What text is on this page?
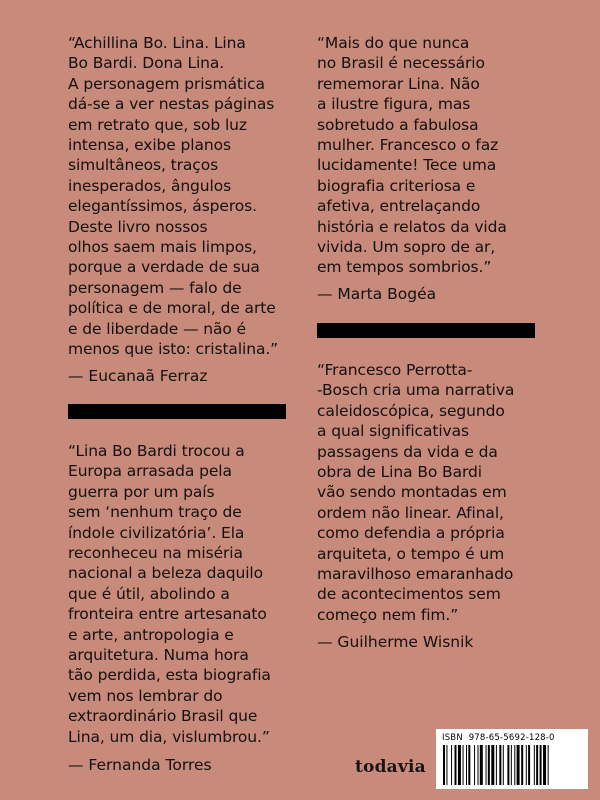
“Achillina Bo. Lina. Lina
Bo Bardi. Dona Lina.
A personagem prismática
dá-se a ver nestas páginas
em retrato que, sob luz
intensa, exibe planos
simultâneos, traços
inesperados, ângulos
elegantíssimos, ásperos.
Deste livro nossos
olhos saem mais limpos,
porque a verdade de sua
personagem — falo de
política e de moral, de arte
e de liberdade — não é
menos que isto: cristalina.”

— Eucanaã Ferraz

“Lina Bo Bardi trocou a
Europa arrasada pela
guerra por um país
sem ‘nenhum traço de
índole civilizatória’. Ela
reconheceu na miséria
nacional a beleza daquilo
que é útil, abolindo a
fronteira entre artesanato
e arte, antropologia e
arquitetura. Numa hora
tão perdida, esta biografia
vem nos lembrar do
extraordinário Brasil que
Lina, um dia, vislumbrou.”

— Fernanda Torres

“Mais do que nunca
no Brasil é necessário
rememorar Lina. Não
a ilustre figura, mas
sobretudo a fabulosa
mulher. Francesco o faz
lucidamente! Tece uma
biografia criteriosa e
afetiva, entrelaçando
história e relatos da vida
vivida. Um sopro de ar,
em tempos sombrios.”

— Marta Bogéa

“Francesco Perrotta-
-Bosch cria uma narrativa
caleidoscópica, segundo
a qual significativas
passagens da vida e da
obra de Lina Bo Bardi
vão sendo montadas em
ordem não linear. Afinal,
como defendia a própria
arquiteta, o tempo é um
maravilhoso emaranhado
de acontecimentos sem
começo nem fim.”

— Guilherme Wisnik

todavia
ISBN  978-65-5692-128-0
